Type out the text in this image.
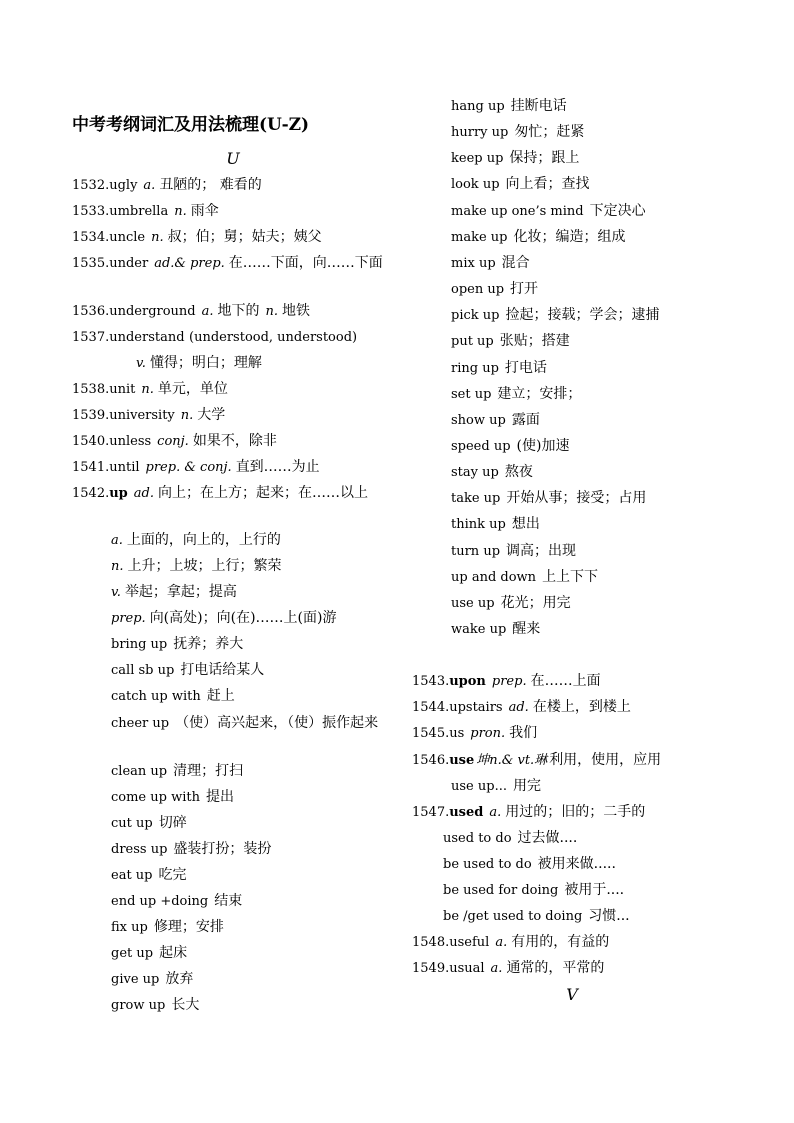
中考考纲词汇及用法梳理(U-Z)
U
1532.ugly a. 丑陋的； 难看的
1533.umbrella n. 雨伞
1534.uncle n. 叔；伯；舅；姑夫；姨父
1535.under ad.& prep. 在……下面，向……下面
1536.underground a. 地下的 n. 地铁
1537.understand (understood, understood)
v. 懂得；明白；理解
1538.unit n. 单元，单位
1539.university n. 大学
1540.unless conj. 如果不，除非
1541.until prep. & conj. 直到……为止
1542.up ad. 向上；在上方；起来；在……以上
a. 上面的，向上的，上行的
n. 上升；上坡；上行；繁荣
v. 举起；拿起；提高
prep. 向(高处)；向(在)……上(面)游
bring up 抚养；养大
call sb up 打电话给某人
catch up with 赶上
cheer up （使）高兴起来，（使）振作起来
clean up 清理；打扫
come up with 提出
cut up 切碎
dress up 盛装打扮；装扮
eat up 吃完
end up +doing 结束
fix up 修理；安排
get up 起床
give up 放弃
grow up 长大
hang up 挂断电话
hurry up 匆忙；赶紧
keep up 保持；跟上
look up 向上看；查找
make up one’s mind 下定决心
make up 化妆；编造；组成
mix up 混合
open up 打开
pick up 捡起；接载；学会；逮捕
put up 张贴；搭建
ring up 打电话
set up 建立；安排；
show up 露面
speed up (使)加速
stay up 熬夜
take up 开始从事；接受；占用
think up 想出
turn up 调高；出现
up and down 上上下下
use up 花光；用完
wake up 醒来
1543.upon prep. 在……上面
1544.upstairs ad. 在楼上，到楼上
1545.us pron. 我们
1546.use 坤n.& vt.琳 利用，使用，应用
use up... 用完
1547.used a. 用过的；旧的；二手的
used to do 过去做....
be used to do 被用来做.....
be used for doing 被用于....
be /get used to doing 习惯...
1548.useful a. 有用的，有益的
1549.usual a. 通常的，平常的
V
